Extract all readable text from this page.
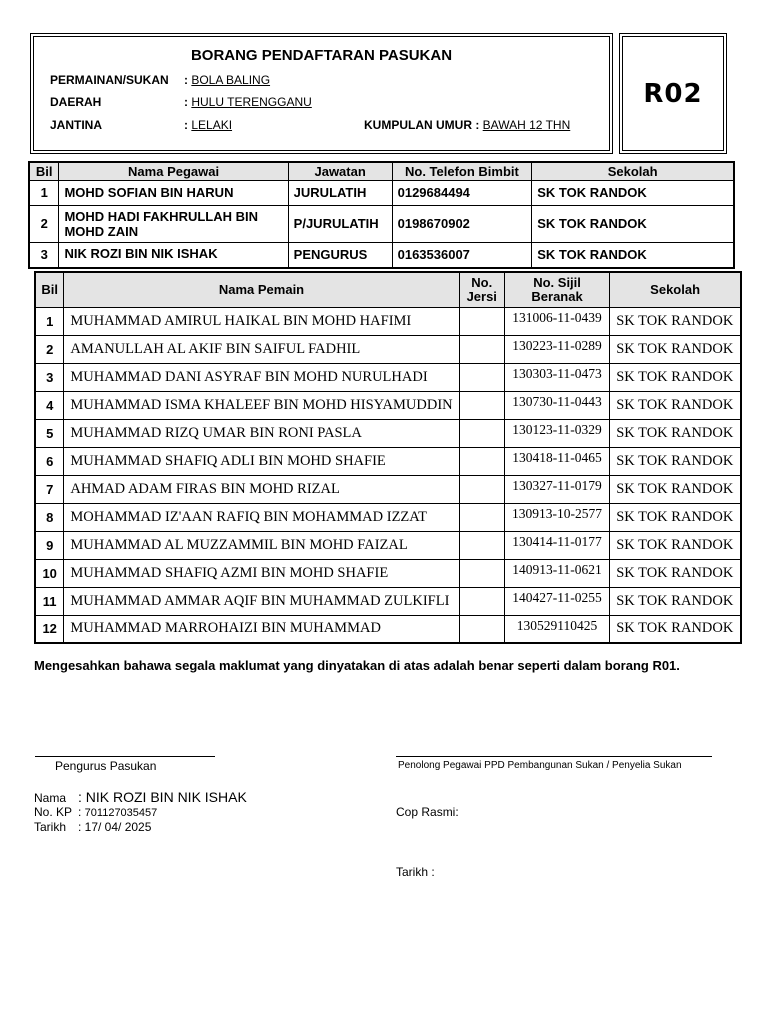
BORANG PENDAFTARAN PASUKAN
PERMAINAN/SUKAN : BOLA BALING
DAERAH	: HULU TERENGGANU
JANTINA	: LELAKI	KUMPULAN UMUR : BAWAH 12 THN
R02
Bil	Nama Pegawai	Jawatan	No. Telefon Bimbit	Sekolah
1	MOHD SOFIAN BIN HARUN	JURULATIH	0129684494	SK TOK RANDOK
2	MOHD HADI FAKHRULLAH BIN MOHD ZAIN	P/JURULATIH	0198670902	SK TOK RANDOK
3	NIK ROZI BIN NIK ISHAK	PENGURUS	0163536007	SK TOK RANDOK
Bil	Nama Pemain	No. Jersi	No. Sijil Beranak	Sekolah
1	MUHAMMAD AMIRUL HAIKAL BIN MOHD HAFIMI		131006-11-0439	SK TOK RANDOK
2	AMANULLAH AL AKIF BIN SAIFUL FADHIL		130223-11-0289	SK TOK RANDOK
3	MUHAMMAD DANI ASYRAF BIN MOHD NURULHADI		130303-11-0473	SK TOK RANDOK
4	MUHAMMAD ISMA KHALEEF BIN MOHD HISYAMUDDIN		130730-11-0443	SK TOK RANDOK
5	MUHAMMAD RIZQ UMAR BIN RONI PASLA		130123-11-0329	SK TOK RANDOK
6	MUHAMMAD SHAFIQ ADLI BIN MOHD SHAFIE		130418-11-0465	SK TOK RANDOK
7	AHMAD ADAM FIRAS BIN MOHD RIZAL		130327-11-0179	SK TOK RANDOK
8	MOHAMMAD IZ'AAN RAFIQ BIN MOHAMMAD IZZAT		130913-10-2577	SK TOK RANDOK
9	MUHAMMAD AL MUZZAMMIL BIN MOHD FAIZAL		130414-11-0177	SK TOK RANDOK
10	MUHAMMAD SHAFIQ AZMI BIN MOHD SHAFIE		140913-11-0621	SK TOK RANDOK
11	MUHAMMAD AMMAR AQIF BIN MUHAMMAD ZULKIFLI		140427-11-0255	SK TOK RANDOK
12	MUHAMMAD MARROHAIZI BIN MUHAMMAD		130529110425	SK TOK RANDOK
Mengesahkan bahawa segala maklumat yang dinyatakan di atas adalah benar seperti dalam borang R01.
Pengurus Pasukan	Penolong Pegawai PPD Pembangunan Sukan / Penyelia Sukan
Nama : NIK ROZI BIN NIK ISHAK
No. KP : 701127035457
Tarikh : 17/ 04/ 2025
Cop Rasmi:
Tarikh :
